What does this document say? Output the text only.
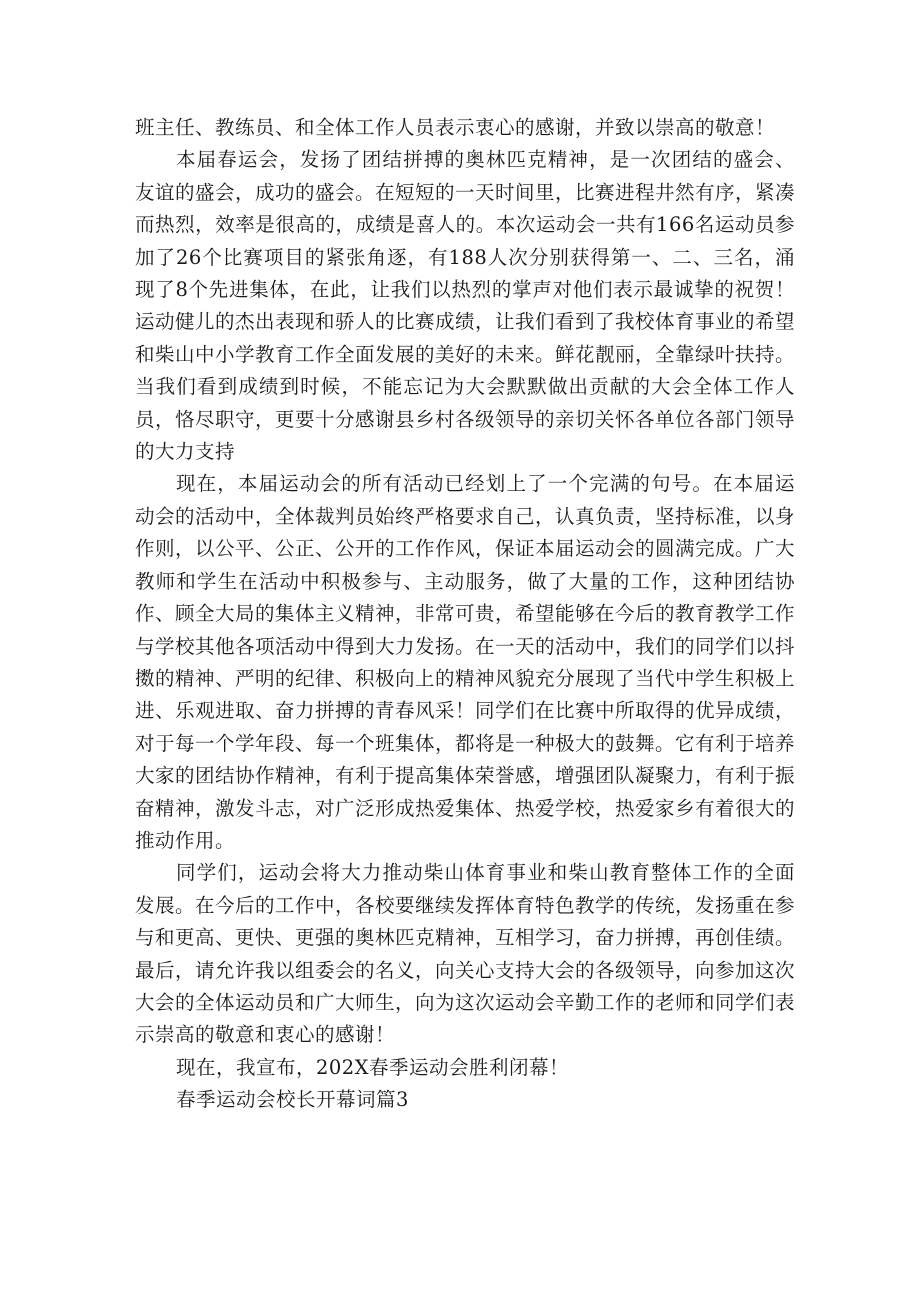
班主任、教练员、和全体工作人员表示衷心的感谢，并致以崇高的敬意！

本届春运会，发扬了团结拼搏的奥林匹克精神，是一次团结的盛会、友谊的盛会，成功的盛会。在短短的一天时间里，比赛进程井然有序，紧凑而热烈，效率是很高的，成绩是喜人的。本次运动会一共有166名运动员参加了26个比赛项目的紧张角逐，有188人次分别获得第一、二、三名，涌现了8个先进集体，在此，让我们以热烈的掌声对他们表示最诚挚的祝贺！运动健儿的杰出表现和骄人的比赛成绩，让我们看到了我校体育事业的希望和柴山中小学教育工作全面发展的美好的未来。鲜花靓丽，全靠绿叶扶持。当我们看到成绩到时候，不能忘记为大会默默做出贡献的大会全体工作人员，恪尽职守，更要十分感谢县乡村各级领导的亲切关怀各单位各部门领导的大力支持

现在，本届运动会的所有活动已经划上了一个完满的句号。在本届运动会的活动中，全体裁判员始终严格要求自己，认真负责，坚持标准，以身作则，以公平、公正、公开的工作作风，保证本届运动会的圆满完成。广大教师和学生在活动中积极参与、主动服务，做了大量的工作，这种团结协作、顾全大局的集体主义精神，非常可贵，希望能够在今后的教育教学工作与学校其他各项活动中得到大力发扬。在一天的活动中，我们的同学们以抖擞的精神、严明的纪律、积极向上的精神风貌充分展现了当代中学生积极上进、乐观进取、奋力拼搏的青春风采！同学们在比赛中所取得的优异成绩，对于每一个学年段、每一个班集体，都将是一种极大的鼓舞。它有利于培养大家的团结协作精神，有利于提高集体荣誉感，增强团队凝聚力，有利于振奋精神，激发斗志，对广泛形成热爱集体、热爱学校，热爱家乡有着很大的推动作用。

同学们，运动会将大力推动柴山体育事业和柴山教育整体工作的全面发展。在今后的工作中，各校要继续发挥体育特色教学的传统，发扬重在参与和更高、更快、更强的奥林匹克精神，互相学习，奋力拼搏，再创佳绩。最后，请允许我以组委会的名义，向关心支持大会的各级领导，向参加这次大会的全体运动员和广大师生，向为这次运动会辛勤工作的老师和同学们表示崇高的敬意和衷心的感谢！

现在，我宣布，202X春季运动会胜利闭幕！

春季运动会校长开幕词篇3
